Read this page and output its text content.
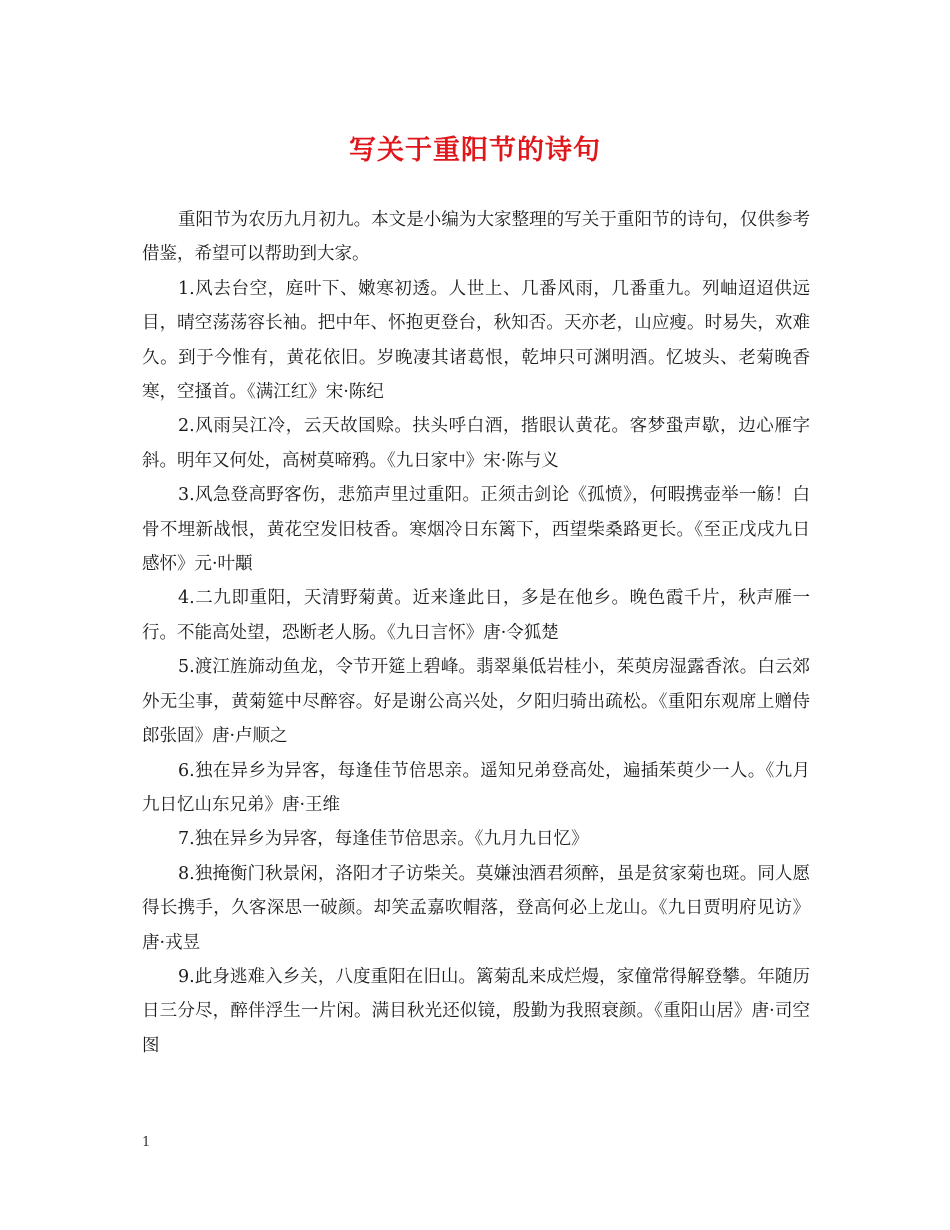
写关于重阳节的诗句

重阳节为农历九月初九。本文是小编为大家整理的写关于重阳节的诗句，仅供参考借鉴，希望可以帮助到大家。

1.风去台空，庭叶下、嫩寒初透。人世上、几番风雨，几番重九。列岫迢迢供远目，晴空荡荡容长袖。把中年、怀抱更登台，秋知否。天亦老，山应瘦。时易失，欢难久。到于今惟有，黄花依旧。岁晚凄其诸葛恨，乾坤只可渊明酒。忆坡头、老菊晚香寒，空搔首。《满江红》宋·陈纪

2.风雨吴江冷，云天故国赊。扶头呼白酒，揩眼认黄花。客梦蛩声歇，边心雁字斜。明年又何处，高树莫啼鸦。《九日家中》宋·陈与义

3.风急登高野客伤，悲笳声里过重阳。正须击剑论《孤愤》，何暇携壶举一觞！白骨不埋新战恨，黄花空发旧枝香。寒烟冷日东篱下，西望柴桑路更长。《至正戊戌九日感怀》元·叶顒

4.二九即重阳，天清野菊黄。近来逢此日，多是在他乡。晚色霞千片，秋声雁一行。不能高处望，恐断老人肠。《九日言怀》唐·令狐楚

5.渡江旌旆动鱼龙，令节开筵上碧峰。翡翠巢低岩桂小，茱萸房湿露香浓。白云郊外无尘事，黄菊筵中尽醉容。好是谢公高兴处，夕阳归骑出疏松。《重阳东观席上赠侍郎张固》唐·卢顺之

6.独在异乡为异客，每逢佳节倍思亲。遥知兄弟登高处，遍插茱萸少一人。《九月九日忆山东兄弟》唐·王维

7.独在异乡为异客，每逢佳节倍思亲。《九月九日忆》

8.独掩衡门秋景闲，洛阳才子访柴关。莫嫌浊酒君须醉，虽是贫家菊也斑。同人愿得长携手，久客深思一破颜。却笑孟嘉吹帽落，登高何必上龙山。《九日贾明府见访》唐·戎昱

9.此身逃难入乡关，八度重阳在旧山。篱菊乱来成烂熳，家僮常得解登攀。年随历日三分尽，醉伴浮生一片闲。满目秋光还似镜，殷勤为我照衰颜。《重阳山居》唐·司空图

1
